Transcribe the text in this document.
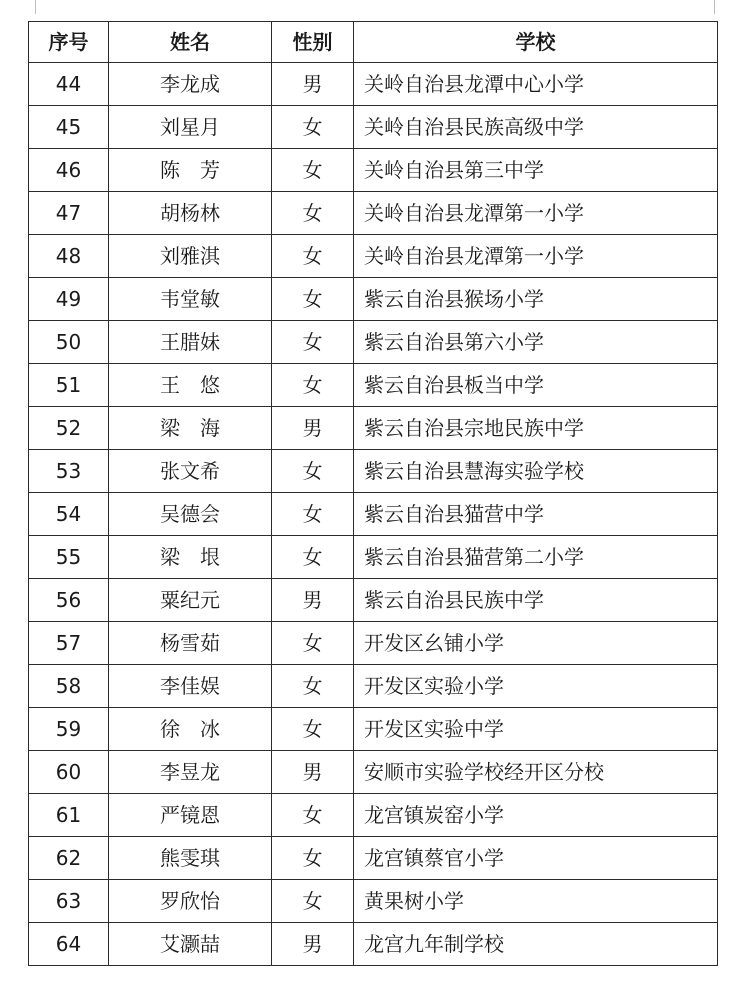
序号	姓名	性别	学校
44	李龙成	男	关岭自治县龙潭中心小学
45	刘星月	女	关岭自治县民族高级中学
46	陈　芳	女	关岭自治县第三中学
47	胡杨林	女	关岭自治县龙潭第一小学
48	刘雅淇	女	关岭自治县龙潭第一小学
49	韦堂敏	女	紫云自治县猴场小学
50	王腊妹	女	紫云自治县第六小学
51	王　悠	女	紫云自治县板当中学
52	梁　海	男	紫云自治县宗地民族中学
53	张文希	女	紫云自治县慧海实验学校
54	吴德会	女	紫云自治县猫营中学
55	梁　垠	女	紫云自治县猫营第二小学
56	粟纪元	男	紫云自治县民族中学
57	杨雪茹	女	开发区幺铺小学
58	李佳娱	女	开发区实验小学
59	徐　冰	女	开发区实验中学
60	李昱龙	男	安顺市实验学校经开区分校
61	严镜恩	女	龙宫镇炭窑小学
62	熊雯琪	女	龙宫镇蔡官小学
63	罗欣怡	女	黄果树小学
64	艾灏喆	男	龙宫九年制学校
